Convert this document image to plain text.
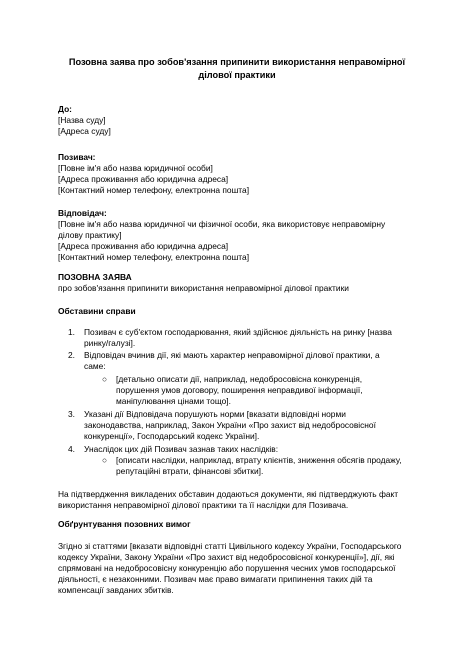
Позовна заява про зобов'язання припинити використання неправомірної
ділової практики
До:
[Назва суду]
[Адреса суду]
Позивач:
[Повне ім'я або назва юридичної особи]
[Адреса проживання або юридична адреса]
[Контактний номер телефону, електронна пошта]
Відповідач:
[Повне ім'я або назва юридичної чи фізичної особи, яка використовує неправомірну
ділову практику]
[Адреса проживання або юридична адреса]
[Контактний номер телефону, електронна пошта]
ПОЗОВНА ЗАЯВА
про зобов'язання припинити використання неправомірної ділової практики
Обставини справи
1. Позивач є суб'єктом господарювання, який здійснює діяльність на ринку [назва
ринку/галузі].
2. Відповідач вчинив дії, які мають характер неправомірної ділової практики, а
саме:
○ [детально описати дії, наприклад, недобросовісна конкуренція,
порушення умов договору, поширення неправдивої інформації,
маніпулювання цінами тощо].
3. Указані дії Відповідача порушують норми [вказати відповідні норми
законодавства, наприклад, Закон України «Про захист від недобросовісної
конкуренції», Господарський кодекс України].
4. Унаслідок цих дій Позивач зазнав таких наслідків:
○ [описати наслідки, наприклад, втрату клієнтів, зниження обсягів продажу,
репутаційні втрати, фінансові збитки].
На підтвердження викладених обставин додаються документи, які підтверджують факт
використання неправомірної ділової практики та її наслідки для Позивача.
Обґрунтування позовних вимог
Згідно зі статтями [вказати відповідні статті Цивільного кодексу України, Господарського
кодексу України, Закону України «Про захист від недобросовісної конкуренції»], дії, які
спрямовані на недобросовісну конкуренцію або порушення чесних умов господарської
діяльності, є незаконними. Позивач має право вимагати припинення таких дій та
компенсації завданих збитків.
